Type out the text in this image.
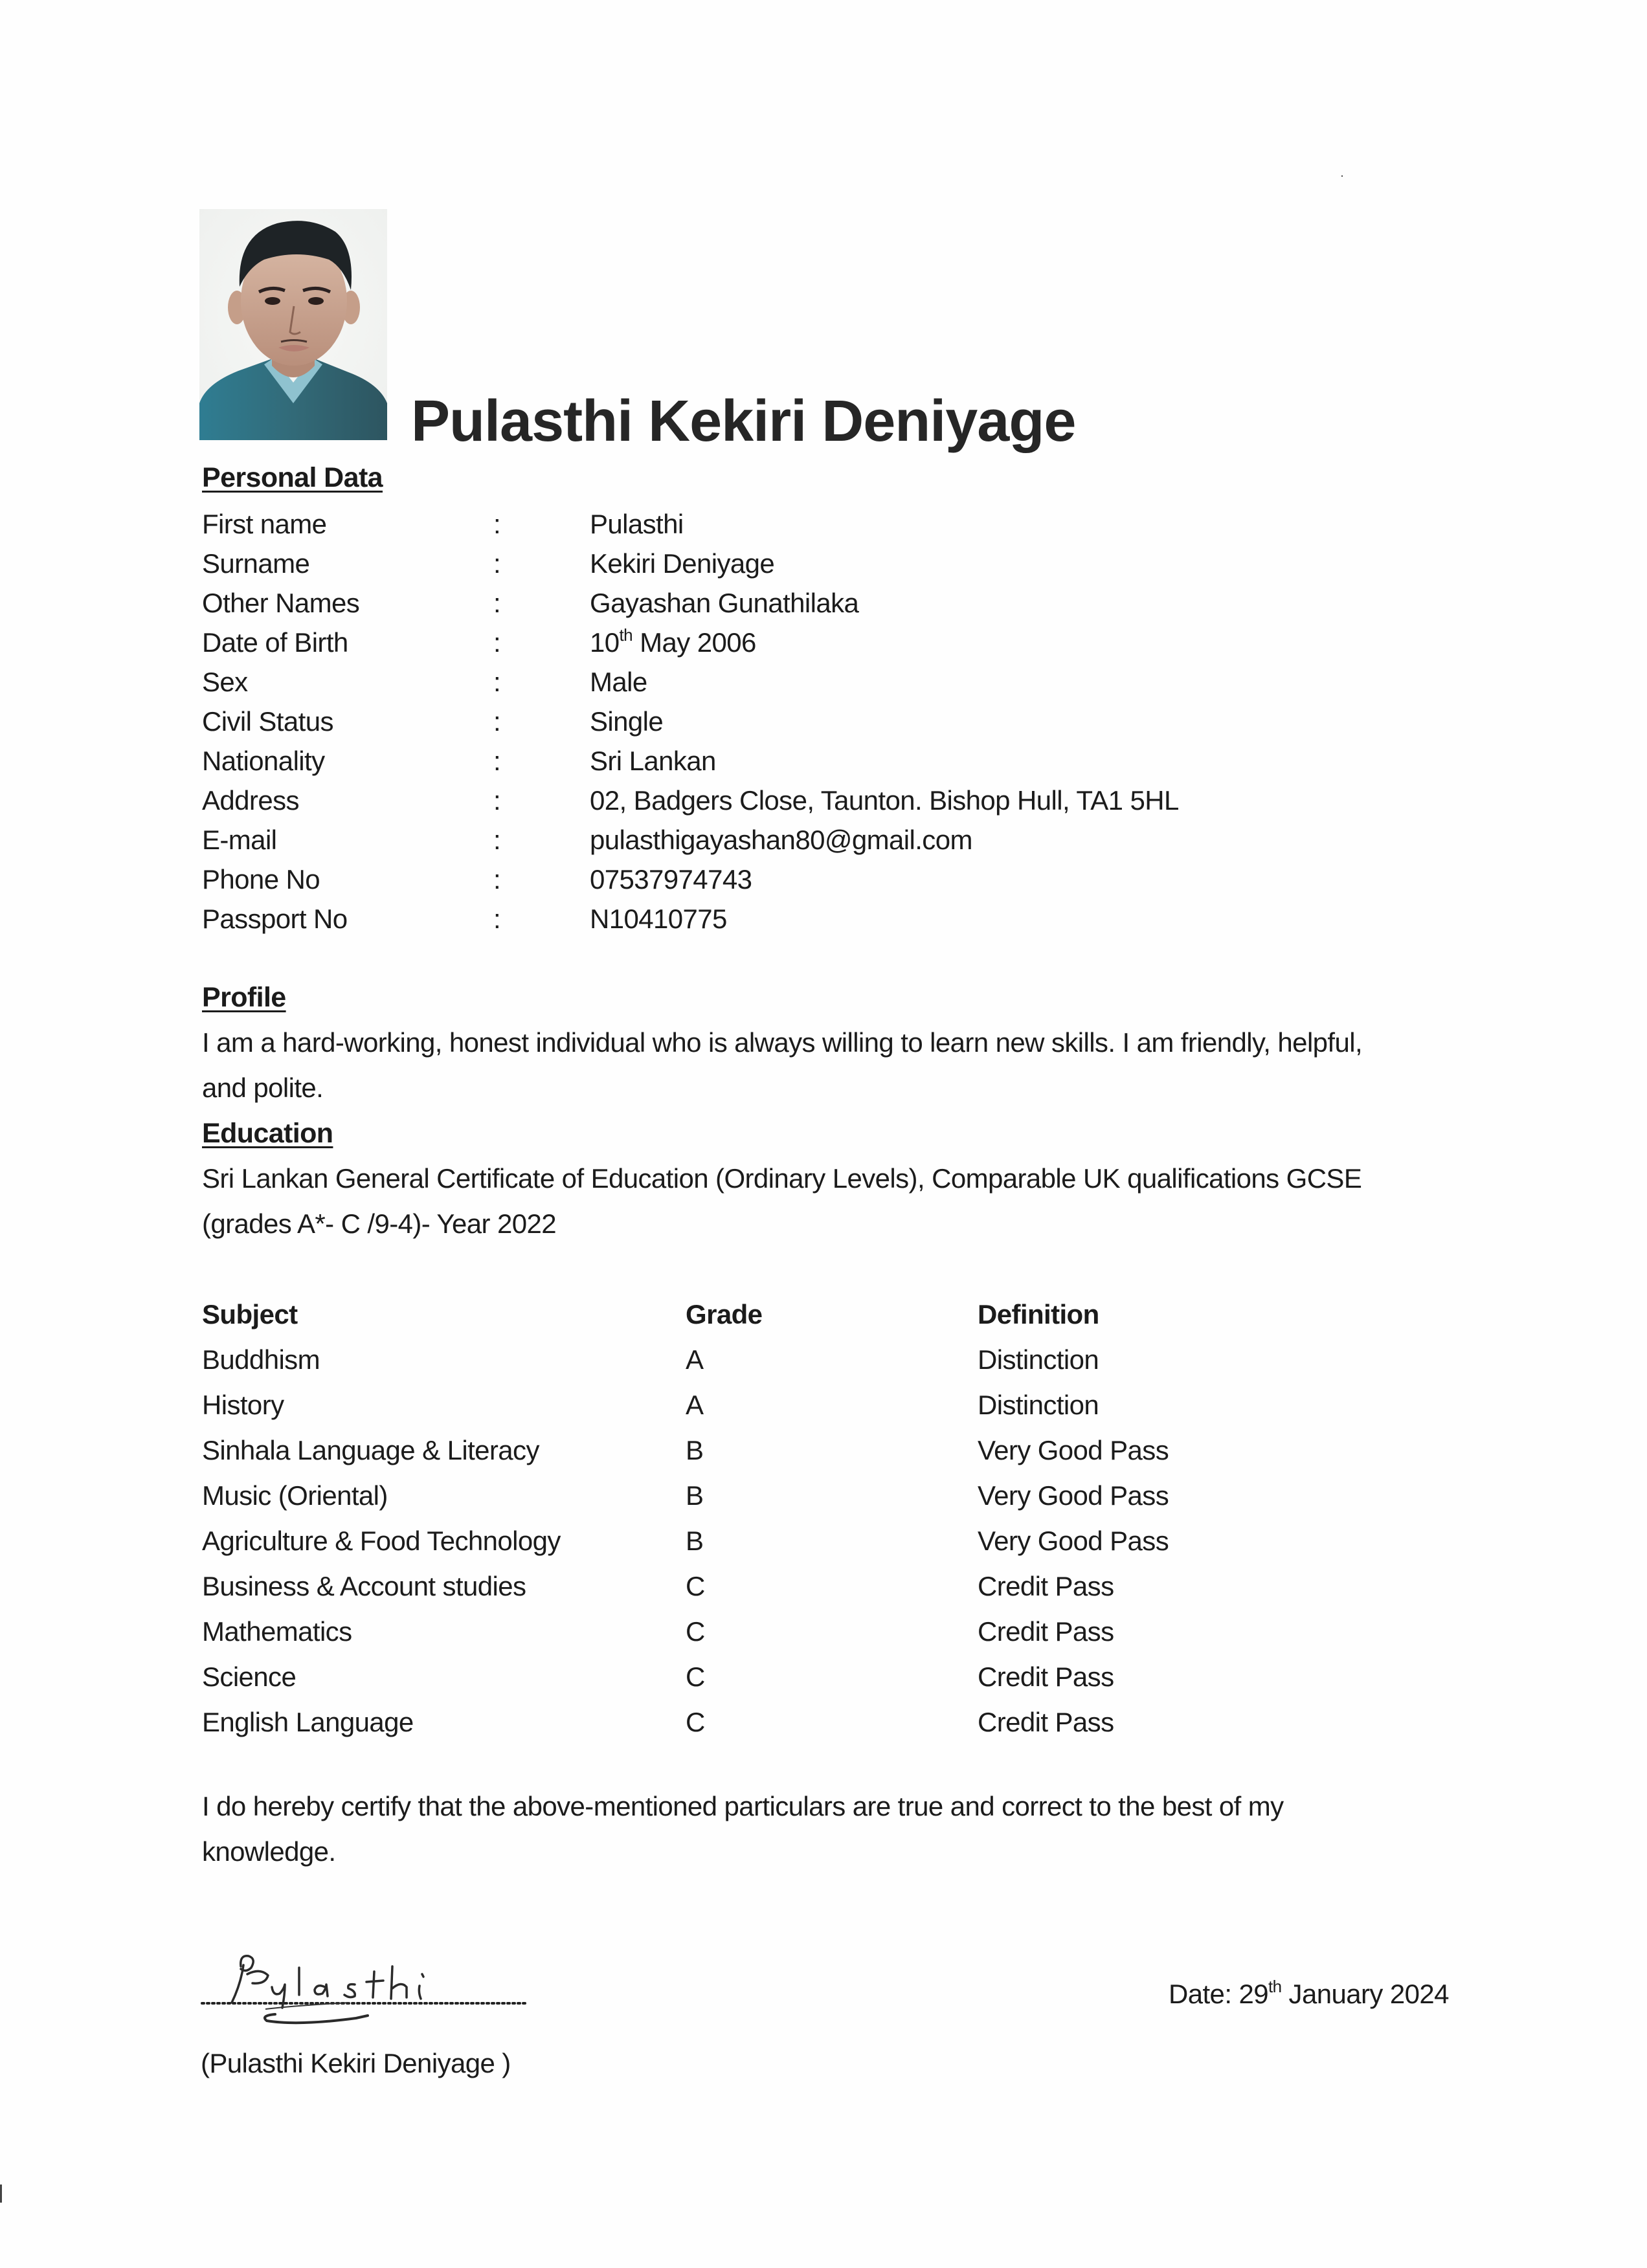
Pulasthi Kekiri Deniyage
Personal Data
First name	:	Pulasthi
Surname	:	Kekiri Deniyage
Other Names	:	Gayashan Gunathilaka
Date of Birth	:	10th May 2006
Sex	:	Male
Civil Status	:	Single
Nationality	:	Sri Lankan
Address	:	02, Badgers Close, Taunton. Bishop Hull, TA1 5HL
E-mail	:	pulasthigayashan80@gmail.com
Phone No	:	07537974743
Passport No	:	N10410775
Profile
I am a hard-working, honest individual who is always willing to learn new skills. I am friendly, helpful,
and polite.
Education
Sri Lankan General Certificate of Education (Ordinary Levels), Comparable UK qualifications GCSE
(grades A*- C /9-4)- Year 2022
Subject	Grade	Definition
Buddhism	A	Distinction
History	A	Distinction
Sinhala Language & Literacy	B	Very Good Pass
Music (Oriental)	B	Very Good Pass
Agriculture & Food Technology	B	Very Good Pass
Business & Account studies	C	Credit Pass
Mathematics	C	Credit Pass
Science	C	Credit Pass
English Language	C	Credit Pass
I do hereby certify that the above-mentioned particulars are true and correct to the best of my
knowledge.
Date: 29th January 2024
(Pulasthi Kekiri Deniyage )
